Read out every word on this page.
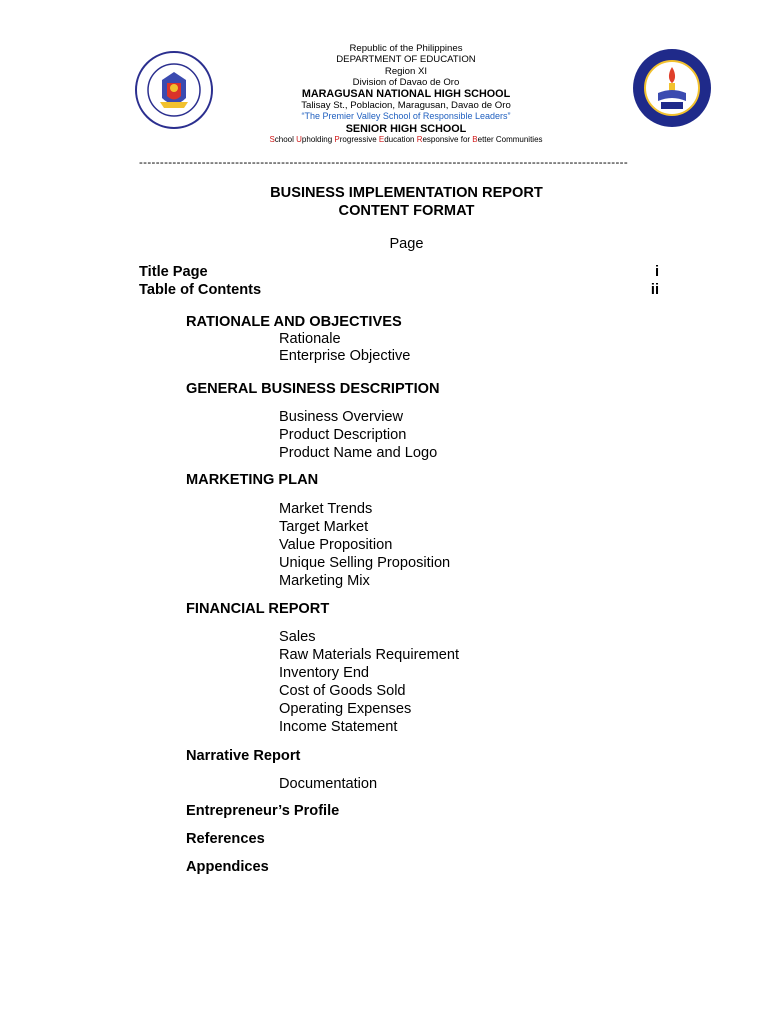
Republic of the Philippines
DEPARTMENT OF EDUCATION
Region XI
Division of Davao de Oro
MARAGUSAN NATIONAL HIGH SCHOOL
Talisay St., Poblacion, Maragusan, Davao de Oro
“The Premier Valley School of Responsible Leaders”
SENIOR HIGH SCHOOL
School Upholding Progressive Education Responsive for Better Communities
---------------------------------------------------------------------------------------------------------------------
BUSINESS IMPLEMENTATION REPORT
CONTENT FORMAT
Page
Title Page	i
Table of Contents	ii
RATIONALE AND OBJECTIVES
Rationale
Enterprise Objective
GENERAL BUSINESS DESCRIPTION
Business Overview
Product Description
Product Name and Logo
MARKETING PLAN
Market Trends
Target Market
Value Proposition
Unique Selling Proposition
Marketing Mix
FINANCIAL REPORT
Sales
Raw Materials Requirement
Inventory End
Cost of Goods Sold
Operating Expenses
Income Statement
Narrative Report
Documentation
Entrepreneur’s Profile
References
Appendices
